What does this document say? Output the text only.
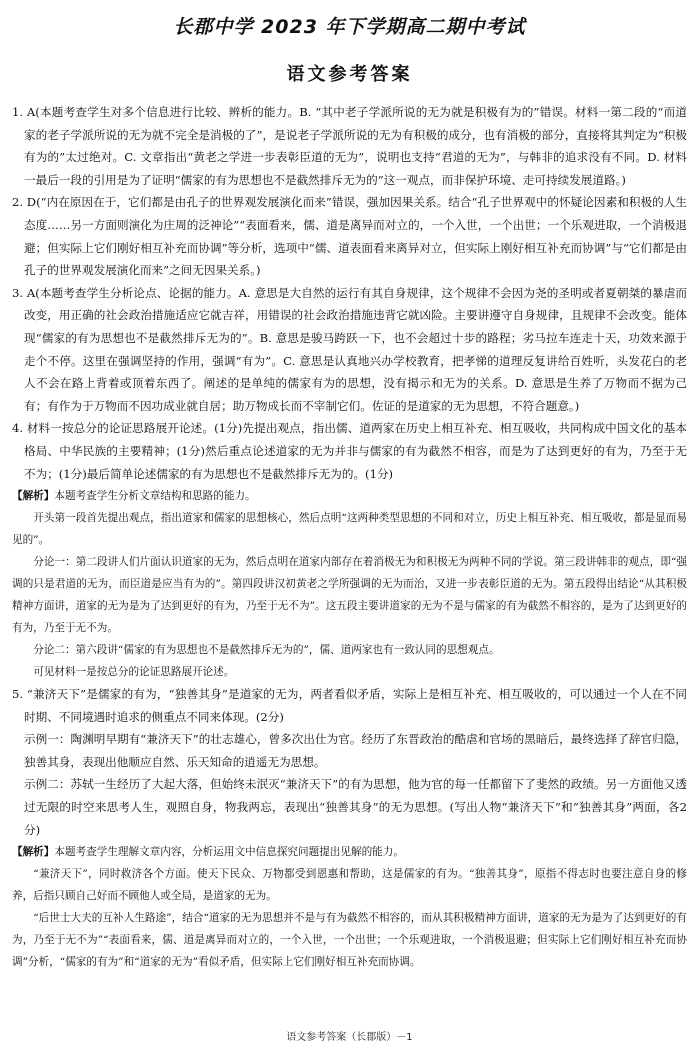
长郡中学 2023 年下学期高二期中考试
语文参考答案

1. A(本题考查学生对多个信息进行比较、辨析的能力。B. “其中老子学派所说的无为就是积极有为的”错误。材料一第二段的“而道家的老子学派所说的无为就不完全是消极的了”，是说老子学派所说的无为有积极的成分，也有消极的部分，直接将其判定为“积极有为的”太过绝对。C. 文章指出“黄老之学进一步表彰臣道的无为”，说明也支持“君道的无为”，与韩非的追求没有不同。D. 材料一最后一段的引用是为了证明“儒家的有为思想也不是截然排斥无为的”这一观点，而非保护环境、走可持续发展道路。)

2. D(“内在原因在于，它们都是由孔子的世界观发展演化而来”错误，强加因果关系。结合“孔子世界观中的怀疑论因素和积极的人生态度……另一方面则演化为庄周的泛神论”“表面看来，儒、道是离异而对立的，一个入世，一个出世；一个乐观进取，一个消极退避；但实际上它们刚好相互补充而协调”等分析，选项中“儒、道表面看来离异对立，但实际上刚好相互补充而协调”与“它们都是由孔子的世界观发展演化而来”之间无因果关系。)

3. A(本题考查学生分析论点、论据的能力。A. 意思是大自然的运行有其自身规律，这个规律不会因为尧的圣明或者夏朝桀的暴虐而改变，用正确的社会政治措施适应它就吉祥，用错误的社会政治措施违背它就凶险。主要讲遵守自身规律，且规律不会改变。能体现“儒家的有为思想也不是截然排斥无为的”。B. 意思是骏马跨跃一下，也不会超过十步的路程；劣马拉车连走十天，功效来源于走个不停。这里在强调坚持的作用，强调“有为”。C. 意思是认真地兴办学校教育，把孝悌的道理反复讲给百姓听，头发花白的老人不会在路上背着或顶着东西了。阐述的是单纯的儒家有为的思想，没有揭示和无为的关系。D. 意思是生养了万物而不据为己有；有作为于万物而不因功成业就自居；助万物成长而不宰制它们。佐证的是道家的无为思想，不符合题意。)

4. 材料一按总分的论证思路展开论述。(1分)先提出观点，指出儒、道两家在历史上相互补充、相互吸收，共同构成中国文化的基本格局、中华民族的主要精神；(1分)然后重点论述道家的无为并非与儒家的有为截然不相容，而是为了达到更好的有为，乃至于无不为；(1分)最后简单论述儒家的有为思想也不是截然排斥无为的。(1分)

【解析】本题考查学生分析文章结构和思路的能力。

开头第一段首先提出观点，指出道家和儒家的思想核心，然后点明“这两种类型思想的不同和对立，历史上相互补充、相互吸收，都是显而易见的”。

分论一：第二段讲人们片面认识道家的无为，然后点明在道家内部存在着消极无为和积极无为两种不同的学说。第三段讲韩非的观点，即“强调的只是君道的无为，而臣道是应当有为的”。第四段讲汉初黄老之学所强调的无为而治，又进一步表彰臣道的无为。第五段得出结论“从其积极精神方面讲，道家的无为是为了达到更好的有为，乃至于无不为”。这五段主要讲道家的无为不是与儒家的有为截然不相容的，是为了达到更好的有为，乃至于无不为。

分论二：第六段讲“儒家的有为思想也不是截然排斥无为的”，儒、道两家也有一致认同的思想观点。

可见材料一是按总分的论证思路展开论述。

5. “兼济天下”是儒家的有为，“独善其身”是道家的无为，两者看似矛盾，实际上是相互补充、相互吸收的，可以通过一个人在不同时期、不同境遇时追求的侧重点不同来体现。(2分)

示例一：陶渊明早期有“兼济天下”的壮志雄心，曾多次出仕为官。经历了东晋政治的酷虐和官场的黑暗后，最终选择了辞官归隐，独善其身，表现出他顺应自然、乐天知命的逍遥无为思想。

示例二：苏轼一生经历了大起大落，但始终未泯灭“兼济天下”的有为思想，他为官的每一任都留下了斐然的政绩。另一方面他又透过无限的时空来思考人生，观照自身，物我两忘，表现出“独善其身”的无为思想。(写出人物“兼济天下”和“独善其身”两面，各2分)

【解析】本题考查学生理解文章内容，分析运用文中信息探究问题提出见解的能力。

“兼济天下”，同时救济各个方面。使天下民众、万物都受到恩惠和帮助，这是儒家的有为。“独善其身”，原指不得志时也要注意自身的修养，后指只顾自己好而不顾他人或全局，是道家的无为。

“后世士大夫的互补人生路途”，结合“道家的无为思想并不是与有为截然不相容的，而从其积极精神方面讲，道家的无为是为了达到更好的有为，乃至于无不为”“表面看来，儒、道是离异而对立的，一个入世，一个出世；一个乐观进取，一个消极退避；但实际上它们刚好相互补充而协调”分析，“儒家的有为”和“道家的无为”看似矛盾，但实际上它们刚好相互补充而协调。

语文参考答案（长郡版）－1
